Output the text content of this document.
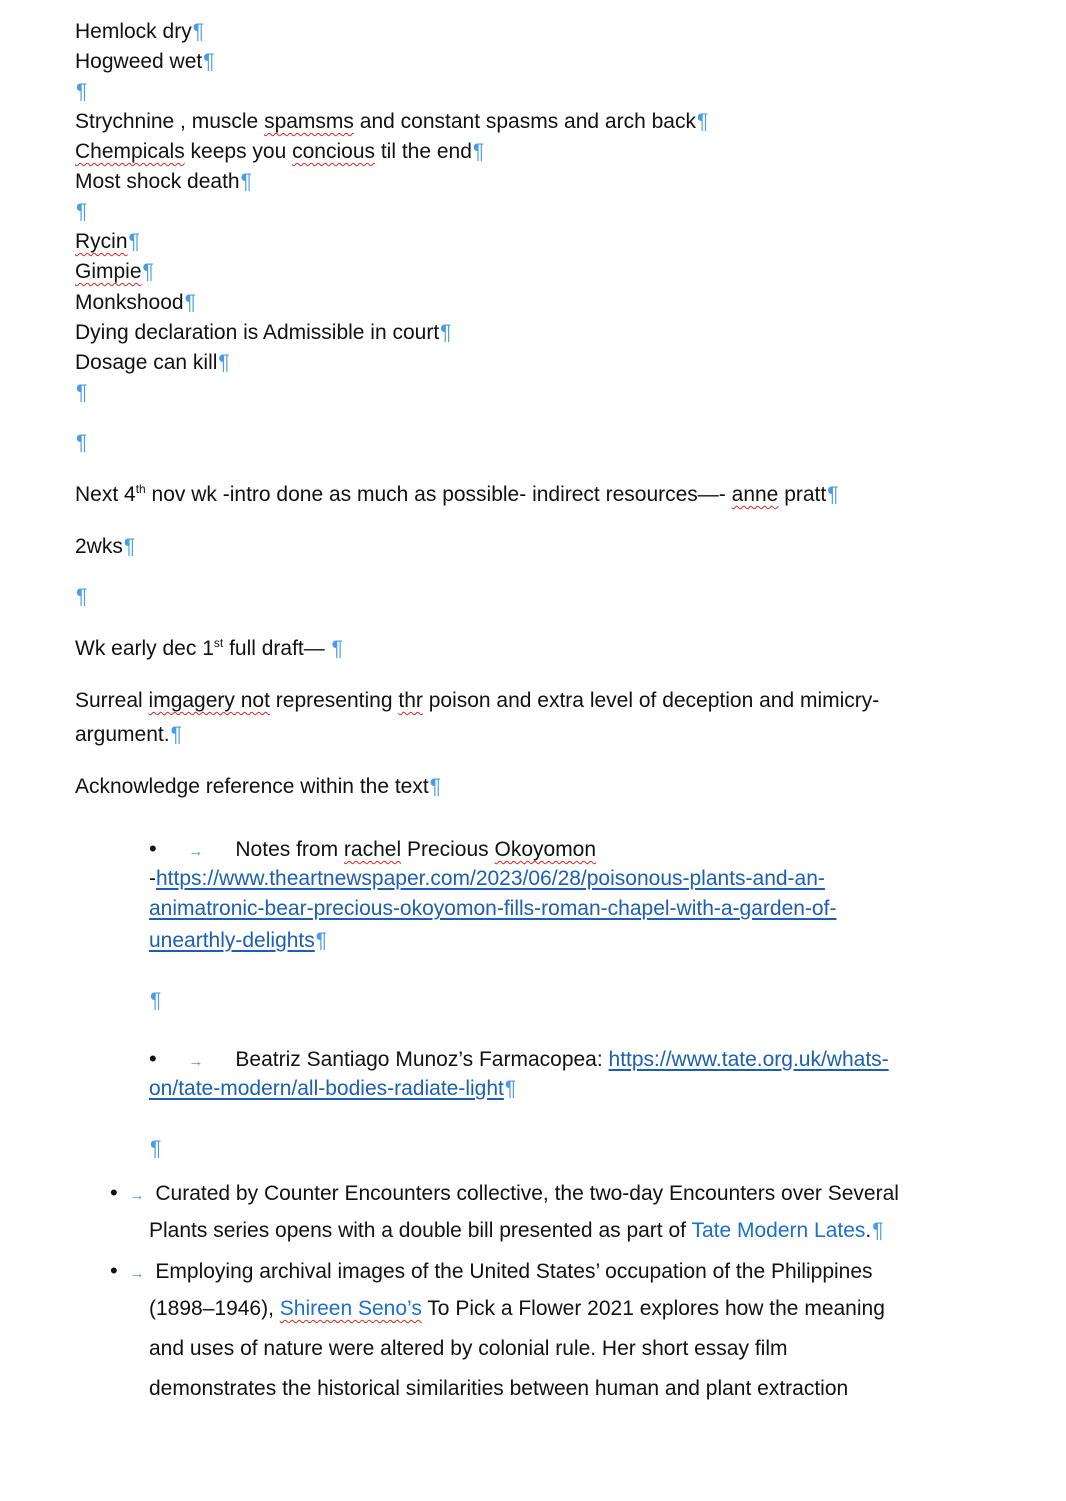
Hemlock dry¶
Hogweed wet¶
¶
Strychnine , muscle spamsms and constant spasms and arch back¶
Chempicals keeps you concious til the end¶
Most shock death¶
¶
Rycin¶
Gimpie¶
Monkshood¶
Dying declaration is Admissible in court¶
Dosage can kill¶
¶
¶
Next 4th nov wk -intro done as much as possible- indirect resources—- anne pratt¶
2wks¶
¶
Wk early dec 1st full draft— ¶
Surreal imgagery not representing thr poison and extra level of deception and mimicry-
argument.¶
Acknowledge reference within the text¶
• → Notes from rachel Precious Okoyomon
-https://www.theartnewspaper.com/2023/06/28/poisonous-plants-and-an-
animatronic-bear-precious-okoyomon-fills-roman-chapel-with-a-garden-of-
unearthly-delights¶
¶
• → Beatriz Santiago Munoz’s Farmacopea: https://www.tate.org.uk/whats-
on/tate-modern/all-bodies-radiate-light¶
¶
• → Curated by Counter Encounters collective, the two-day Encounters over Several
Plants series opens with a double bill presented as part of Tate Modern Lates.¶
• → Employing archival images of the United States’ occupation of the Philippines
(1898–1946), Shireen Seno’s To Pick a Flower 2021 explores how the meaning
and uses of nature were altered by colonial rule. Her short essay film
demonstrates the historical similarities between human and plant extraction
